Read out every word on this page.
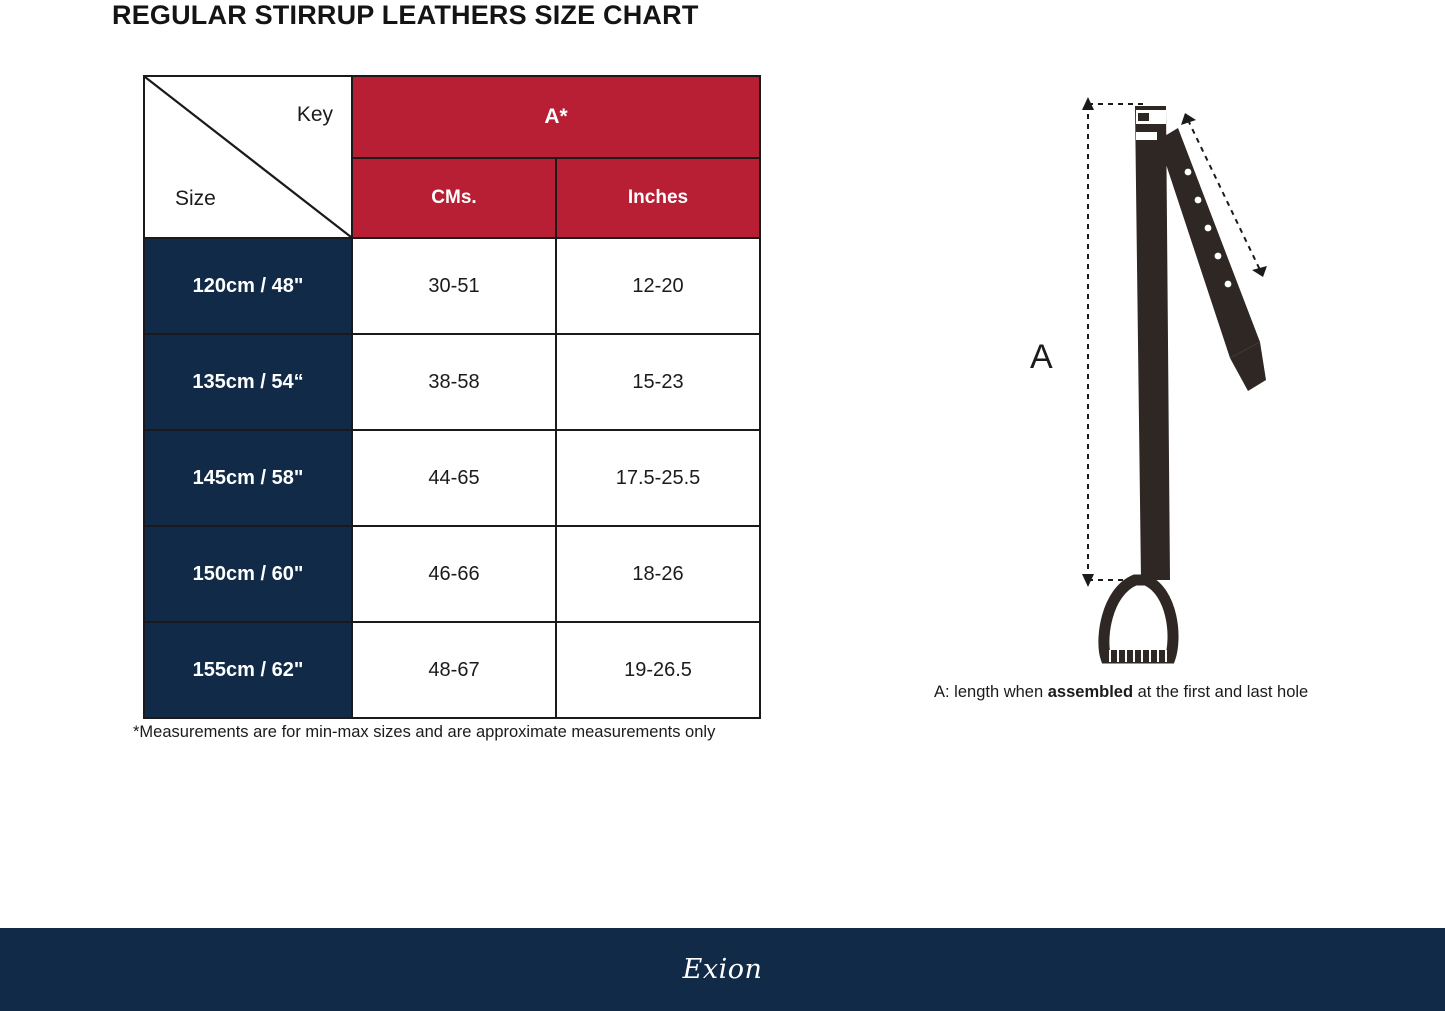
REGULAR STIRRUP LEATHERS SIZE CHART
Key
Size	A*	
	CMs.	Inches
120cm / 48"	30-51	12-20
135cm / 54“	38-58	15-23
145cm / 58"	44-65	17.5-25.5
150cm / 60"	46-66	18-26
155cm / 62"	48-67	19-26.5
*Measurements are for min-max sizes and are approximate measurements only
A
A: length when assembled at the first and last hole
Exion
